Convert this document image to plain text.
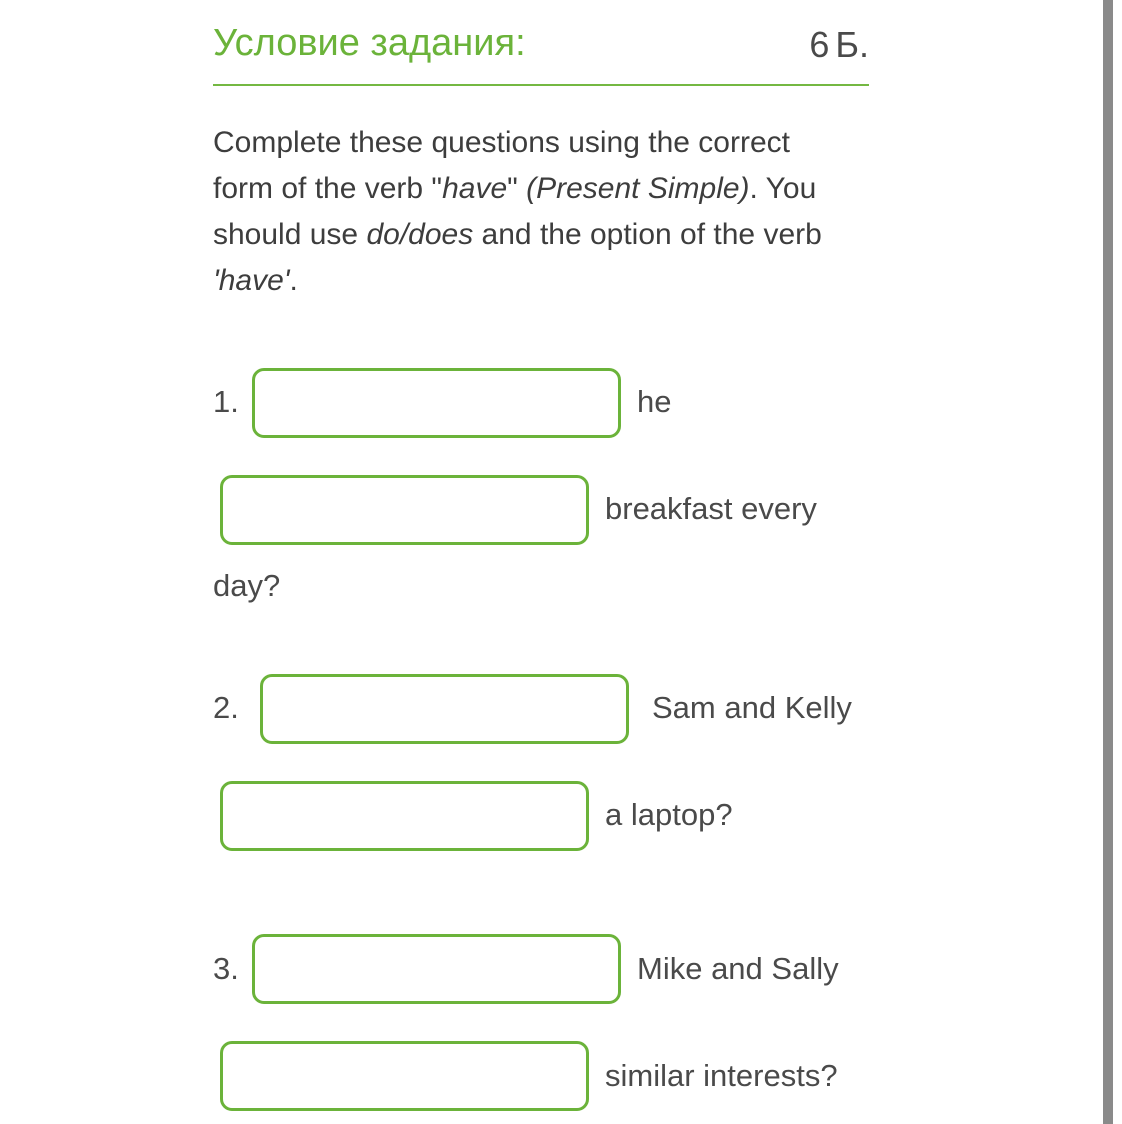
Условие задания:	6 Б.
Complete these questions using the correct form of the verb "have" (Present Simple). You should use do/does and the option of the verb 'have'.
1.	he
breakfast every
day?
2.	Sam and Kelly
a laptop?
3.	Mike and Sally
similar interests?
